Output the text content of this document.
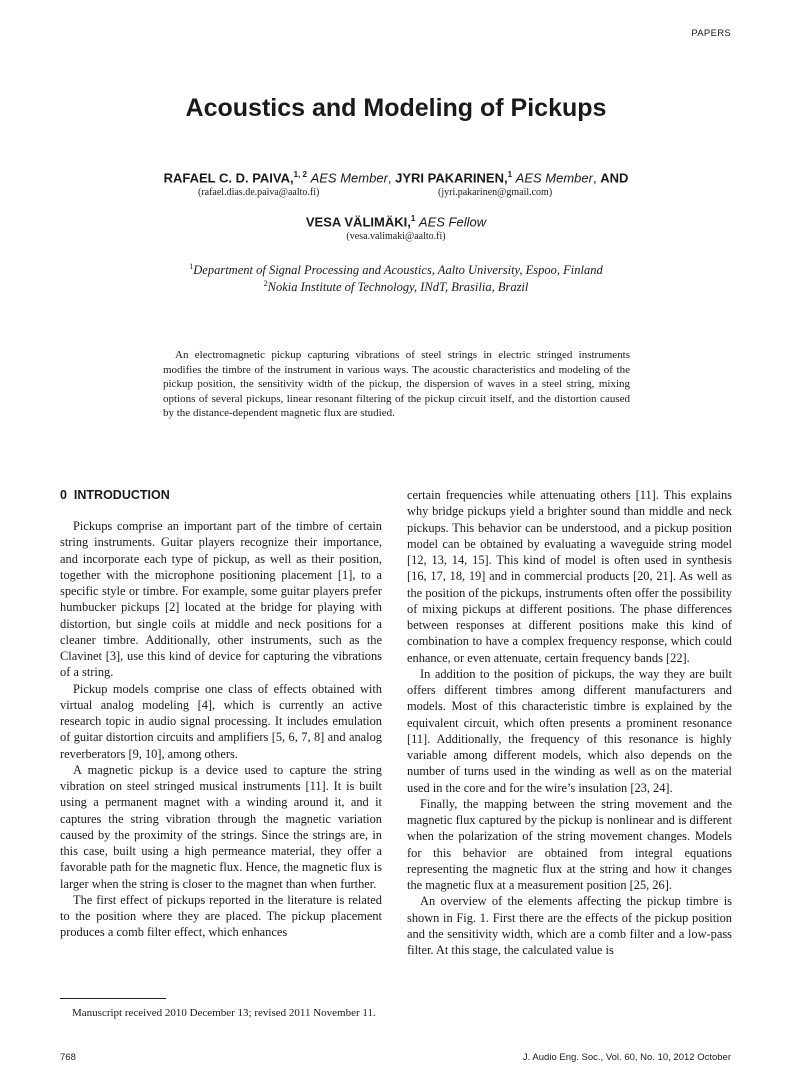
PAPERS
Acoustics and Modeling of Pickups
RAFAEL C. D. PAIVA,$^{1, 2}$ AES Member, JYRI PAKARINEN,$^1$ AES Member, AND
(rafael.dias.de.paiva@aalto.fi)	(jyri.pakarinen@gmail.com)
VESA VÄLIMÄKI,$^1$ AES Fellow
(vesa.valimaki@aalto.fi)
$^1$Department of Signal Processing and Acoustics, Aalto University, Espoo, Finland
$^2$Nokia Institute of Technology, INdT, Brasilia, Brazil
An electromagnetic pickup capturing vibrations of steel strings in electric stringed instruments modifies the timbre of the instrument in various ways. The acoustic characteristics and modeling of the pickup position, the sensitivity width of the pickup, the dispersion of waves in a steel string, mixing options of several pickups, linear resonant filtering of the pickup circuit itself, and the distortion caused by the distance-dependent magnetic flux are studied.
0 INTRODUCTION

Pickups comprise an important part of the timbre of certain string instruments. Guitar players recognize their importance, and incorporate each type of pickup, as well as their position, together with the microphone positioning placement [1], to a specific style or timbre. For example, some guitar players prefer humbucker pickups [2] located at the bridge for playing with distortion, but single coils at middle and neck positions for a cleaner timbre. Additionally, other instruments, such as the Clavinet [3], use this kind of device for capturing the vibrations of a string.

Pickup models comprise one class of effects obtained with virtual analog modeling [4], which is currently an active research topic in audio signal processing. It includes emulation of guitar distortion circuits and amplifiers [5, 6, 7, 8] and analog reverberators [9, 10], among others.

A magnetic pickup is a device used to capture the string vibration on steel stringed musical instruments [11]. It is built using a permanent magnet with a winding around it, and it captures the string vibration through the magnetic variation caused by the proximity of the strings. Since the strings are, in this case, built using a high permeance material, they offer a favorable path for the magnetic flux. Hence, the magnetic flux is larger when the string is closer to the magnet than when further.

The first effect of pickups reported in the literature is related to the position where they are placed. The pickup placement produces a comb filter effect, which enhances

certain frequencies while attenuating others [11]. This explains why bridge pickups yield a brighter sound than middle and neck pickups. This behavior can be understood, and a pickup position model can be obtained by evaluating a waveguide string model [12, 13, 14, 15]. This kind of model is often used in synthesis [16, 17, 18, 19] and in commercial products [20, 21]. As well as the position of the pickups, instruments often offer the possibility of mixing pickups at different positions. The phase differences between responses at different positions make this kind of combination to have a complex frequency response, which could enhance, or even attenuate, certain frequency bands [22].

In addition to the position of pickups, the way they are built offers different timbres among different manufacturers and models. Most of this characteristic timbre is explained by the equivalent circuit, which often presents a prominent resonance [11]. Additionally, the frequency of this resonance is highly variable among different models, which also depends on the number of turns used in the winding as well as on the material used in the core and for the wire’s insulation [23, 24].

Finally, the mapping between the string movement and the magnetic flux captured by the pickup is nonlinear and is different when the polarization of the string movement changes. Models for this behavior are obtained from integral equations representing the magnetic flux at the string and how it changes the magnetic flux at a measurement position [25, 26].

An overview of the elements affecting the pickup timbre is shown in Fig. 1. First there are the effects of the pickup position and the sensitivity width, which are a comb filter and a low-pass filter. At this stage, the calculated value is

Manuscript received 2010 December 13; revised 2011 November 11.
768	J. Audio Eng. Soc., Vol. 60, No. 10, 2012 October
